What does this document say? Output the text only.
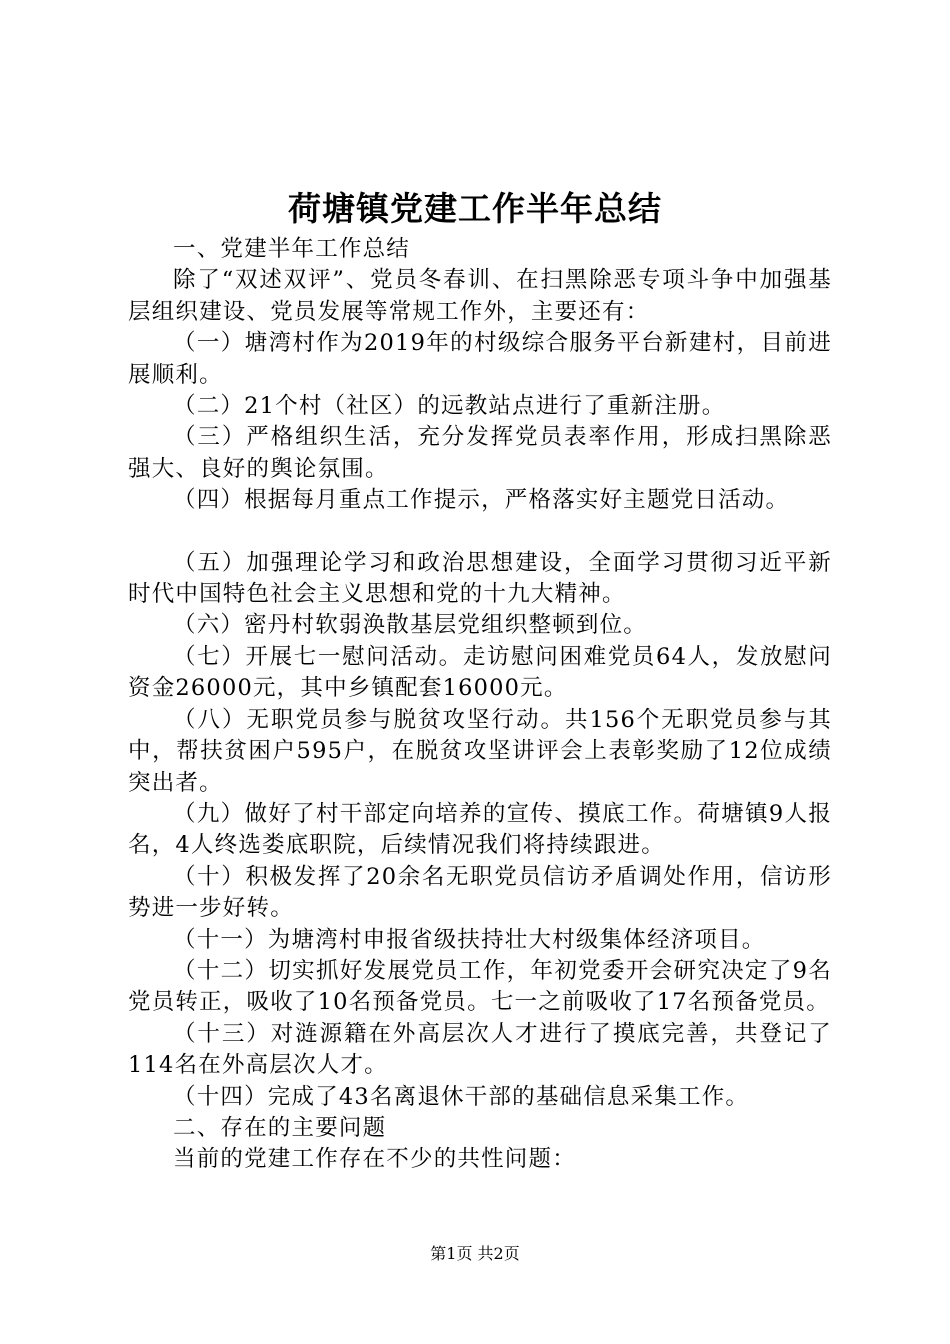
荷塘镇党建工作半年总结

一、党建半年工作总结

除了“双述双评”、党员冬春训、在扫黑除恶专项斗争中加强基层组织建设、党员发展等常规工作外，主要还有：

（一）塘湾村作为2019年的村级综合服务平台新建村，目前进展顺利。

（二）21个村（社区）的远教站点进行了重新注册。

（三）严格组织生活，充分发挥党员表率作用，形成扫黑除恶强大、良好的舆论氛围。

（四）根据每月重点工作提示，严格落实好主题党日活动。

（五）加强理论学习和政治思想建设，全面学习贯彻习近平新时代中国特色社会主义思想和党的十九大精神。

（六）密丹村软弱涣散基层党组织整顿到位。

（七）开展七一慰问活动。走访慰问困难党员64人，发放慰问资金26000元，其中乡镇配套16000元。

（八）无职党员参与脱贫攻坚行动。共156个无职党员参与其中，帮扶贫困户595户，在脱贫攻坚讲评会上表彰奖励了12位成绩突出者。

（九）做好了村干部定向培养的宣传、摸底工作。荷塘镇9人报名，4人终选娄底职院，后续情况我们将持续跟进。

（十）积极发挥了20余名无职党员信访矛盾调处作用，信访形势进一步好转。

（十一）为塘湾村申报省级扶持壮大村级集体经济项目。

（十二）切实抓好发展党员工作，年初党委开会研究决定了9名党员转正，吸收了10名预备党员。七一之前吸收了17名预备党员。

（十三）对涟源籍在外高层次人才进行了摸底完善，共登记了114名在外高层次人才。

（十四）完成了43名离退休干部的基础信息采集工作。

二、存在的主要问题

当前的党建工作存在不少的共性问题：

第1页 共2页
